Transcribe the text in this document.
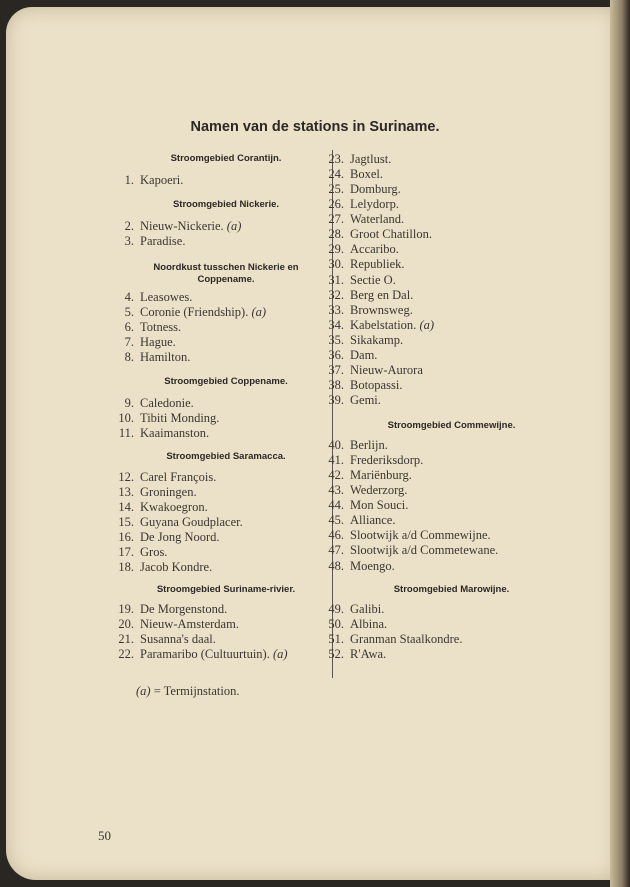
Namen van de stations in Suriname.
Stroomgebied Corantijn.
1. Kapoeri.
Stroomgebied Nickerie.
2. Nieuw-Nickerie. (a)
3. Paradise.
Noordkust tusschen Nickerie en Coppename.
4. Leasowes.
5. Coronie (Friendship). (a)
6. Totness.
7. Hague.
8. Hamilton.
Stroomgebied Coppename.
9. Caledonie.
10. Tibiti Monding.
11. Kaaimanston.
Stroomgebied Saramacca.
12. Carel François.
13. Groningen.
14. Kwakoegron.
15. Guyana Goudplacer.
16. De Jong Noord.
17. Gros.
18. Jacob Kondre.
Stroomgebied Suriname-rivier.
19. De Morgenstond.
20. Nieuw-Amsterdam.
21. Susanna's daal.
22. Paramaribo (Cultuurtuin). (a)
23. Jagtlust.
24. Boxel.
25. Domburg.
26. Lelydorp.
27. Waterland.
28. Groot Chatillon.
29. Accaribo.
30. Republiek.
31. Sectie O.
32. Berg en Dal.
33. Brownsweg.
34. Kabelstation. (a)
35. Sikakamp.
36. Dam.
37. Nieuw-Aurora
38. Botopassi.
39. Gemi.
Stroomgebied Commewijne.
40. Berlijn.
41. Frederiksdorp.
42. Mariënburg.
43. Wederzorg.
44. Mon Souci.
45. Alliance.
46. Slootwijk a/d Commewijne.
47. Slootwijk a/d Commetewane.
48. Moengo.
Stroomgebied Marowijne.
49. Galibi.
50. Albina.
51. Granman Staalkondre.
52. R'Awa.
(a) = Termijnstation.
50
